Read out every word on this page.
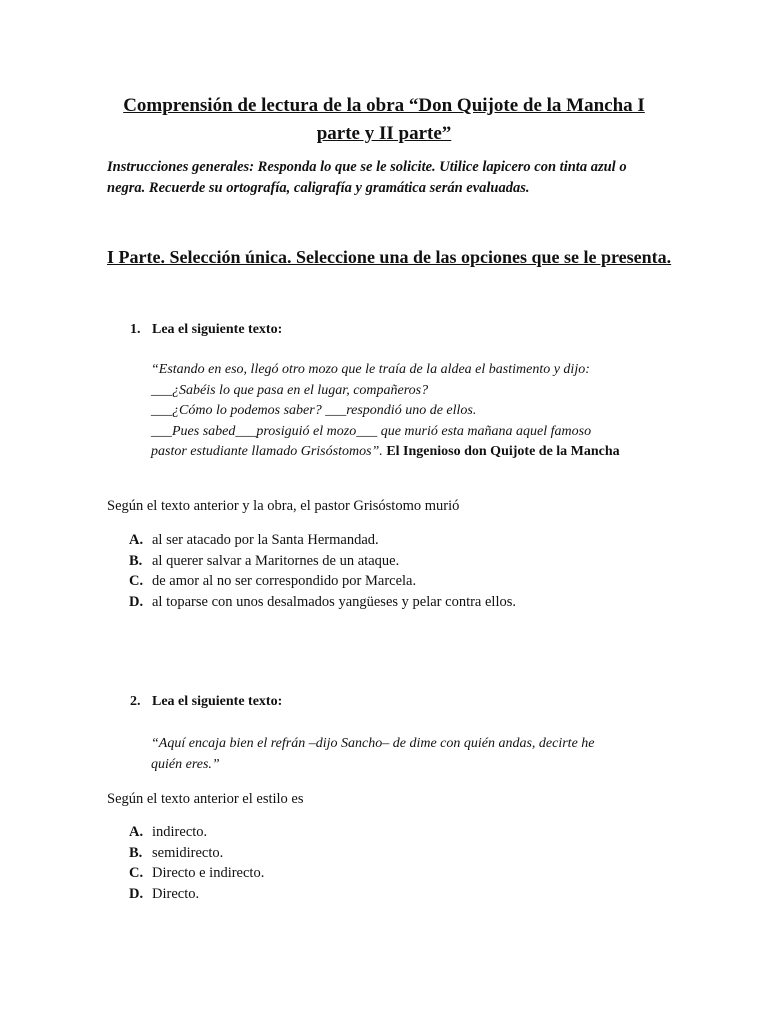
Comprensión de lectura de la obra “Don Quijote de la Mancha I
parte y II parte”
Instrucciones generales: Responda lo que se le solicite. Utilice lapicero con tinta azul o
negra. Recuerde su ortografía, caligrafía y gramática serán evaluadas.
I Parte. Selección única. Seleccione una de las opciones que se le presenta.
1. Lea el siguiente texto:
“Estando en eso, llegó otro mozo que le traía de la aldea el bastimento y dijo:
___¿Sabéis lo que pasa en el lugar, compañeros?
___¿Cómo lo podemos saber? ___respondió uno de ellos.
___Pues sabed___prosiguió el mozo___ que murió esta mañana aquel famoso
pastor estudiante llamado Grisóstomos”. El Ingenioso don Quijote de la Mancha
Según el texto anterior y la obra, el pastor Grisóstomo murió
A. al ser atacado por la Santa Hermandad.
B. al querer salvar a Maritornes de un ataque.
C. de amor al no ser correspondido por Marcela.
D. al toparse con unos desalmados yangüeses y pelar contra ellos.
2. Lea el siguiente texto:
“Aquí encaja bien el refrán –dijo Sancho– de dime con quién andas, decirte he
quién eres.”
Según el texto anterior el estilo es
A. indirecto.
B. semidirecto.
C. Directo e indirecto.
D. Directo.
